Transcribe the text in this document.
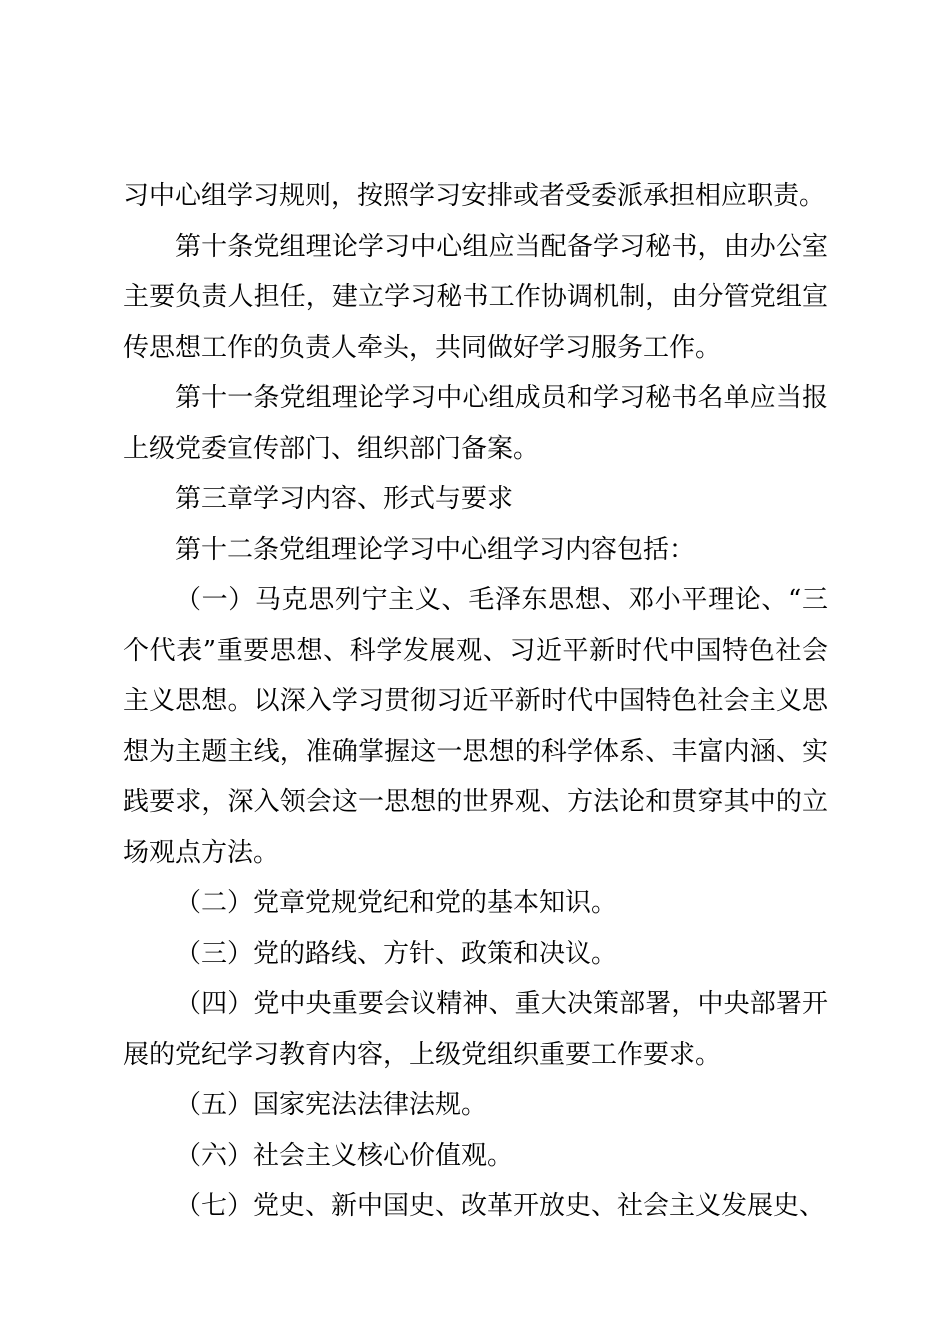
习中心组学习规则，按照学习安排或者受委派承担相应职责。

第十条党组理论学习中心组应当配备学习秘书，由办公室主要负责人担任，建立学习秘书工作协调机制，由分管党组宣传思想工作的负责人牵头，共同做好学习服务工作。

第十一条党组理论学习中心组成员和学习秘书名单应当报上级党委宣传部门、组织部门备案。

第三章学习内容、形式与要求

第十二条党组理论学习中心组学习内容包括：

（一）马克思列宁主义、毛泽东思想、邓小平理论、“三个代表”重要思想、科学发展观、习近平新时代中国特色社会主义思想。以深入学习贯彻习近平新时代中国特色社会主义思想为主题主线，准确掌握这一思想的科学体系、丰富内涵、实践要求，深入领会这一思想的世界观、方法论和贯穿其中的立场观点方法。

（二）党章党规党纪和党的基本知识。

（三）党的路线、方针、政策和决议。

（四）党中央重要会议精神、重大决策部署，中央部署开展的党纪学习教育内容，上级党组织重要工作要求。

（五）国家宪法法律法规。

（六）社会主义核心价值观。

（七）党史、新中国史、改革开放史、社会主义发展史、
